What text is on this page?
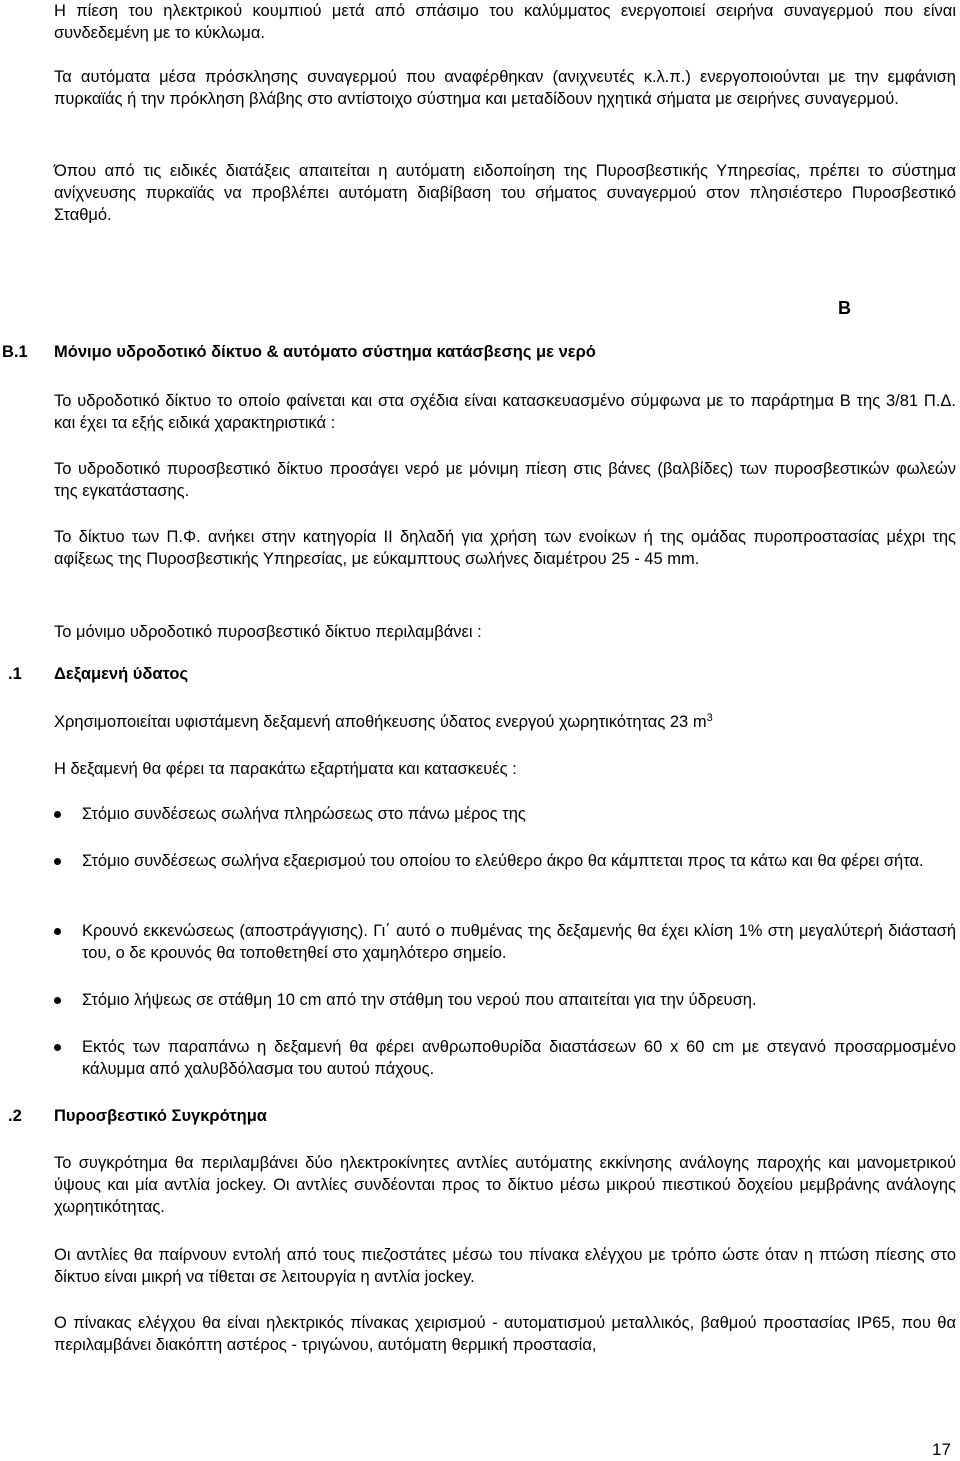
Η πίεση του ηλεκτρικού κουμπιού μετά από σπάσιμο του καλύμματος ενεργοποιεί σειρήνα συναγερμού που είναι συνδεδεμένη με το κύκλωμα.

Τα αυτόματα μέσα πρόσκλησης συναγερμού που αναφέρθηκαν (ανιχνευτές κ.λ.π.) ενεργοποιούνται με την εμφάνιση πυρκαϊάς ή την πρόκληση βλάβης στο αντίστοιχο σύστημα και μεταδίδουν ηχητικά σήματα με σειρήνες συναγερμού.

Όπου από τις ειδικές διατάξεις απαιτείται η αυτόματη ειδοποίηση της Πυροσβεστικής Υπηρεσίας, πρέπει το σύστημα ανίχνευσης πυρκαϊάς να προβλέπει αυτόματη διαβίβαση του σήματος συναγερμού στον πλησιέστερο Πυροσβεστικό Σταθμό.

Β
Β.1 Μόνιμο υδροδοτικό δίκτυο & αυτόματο σύστημα κατάσβεσης με νερό

Το υδροδοτικό δίκτυο το οποίο φαίνεται και στα σχέδια είναι κατασκευασμένο σύμφωνα με το παράρτημα Β της 3/81 Π.Δ. και έχει τα εξής ειδικά χαρακτηριστικά :

Το υδροδοτικό πυροσβεστικό δίκτυο προσάγει νερό με μόνιμη πίεση στις βάνες (βαλβίδες) των πυροσβεστικών φωλεών της εγκατάστασης.

Το δίκτυο των Π.Φ. ανήκει στην κατηγορία ΙΙ δηλαδή για χρήση των ενοίκων ή της ομάδας πυροπροστασίας μέχρι της αφίξεως της Πυροσβεστικής Υπηρεσίας, με εύκαμπτους σωλήνες διαμέτρου 25 - 45 mm.

Το μόνιμο υδροδοτικό πυροσβεστικό δίκτυο περιλαμβάνει :

.1 Δεξαμενή ύδατος

Χρησιμοποιείται υφιστάμενη δεξαμενή αποθήκευσης ύδατος ενεργού χωρητικότητας 23 $m^3$

Η δεξαμενή θα φέρει τα παρακάτω εξαρτήματα και κατασκευές :

Στόμιο συνδέσεως σωλήνα πληρώσεως στο πάνω μέρος της

Στόμιο συνδέσεως σωλήνα εξαερισμού του οποίου το ελεύθερο άκρο θα κάμπτεται προς τα κάτω και θα φέρει σήτα.

Κρουνό εκκενώσεως (αποστράγγισης). Γι΄ αυτό ο πυθμένας της δεξαμενής θα έχει κλίση 1% στη μεγαλύτερή διάστασή του, ο δε κρουνός θα τοποθετηθεί στο χαμηλότερο σημείο.

Στόμιο λήψεως σε στάθμη 10 cm από την στάθμη του νερού που απαιτείται για την ύδρευση.

Εκτός των παραπάνω η δεξαμενή θα φέρει ανθρωποθυρίδα διαστάσεων 60 x 60 cm με στεγανό προσαρμοσμένο κάλυμμα από χαλυβδόλασμα του αυτού πάχους.

.2 Πυροσβεστικό Συγκρότημα

Το συγκρότημα θα περιλαμβάνει δύο ηλεκτροκίνητες αντλίες αυτόματης εκκίνησης ανάλογης παροχής και μανομετρικού ύψους και μία αντλία jockey. Οι αντλίες συνδέονται προς το δίκτυο μέσω μικρού πιεστικού δοχείου μεμβράνης ανάλογης χωρητικότητας.

Οι αντλίες θα παίρνουν εντολή από τους πιεζοστάτες μέσω του πίνακα ελέγχου με τρόπο ώστε όταν η πτώση πίεσης στο δίκτυο είναι μικρή να τίθεται σε λειτουργία η αντλία jockey.

Ο πίνακας ελέγχου θα είναι ηλεκτρικός πίνακας χειρισμού - αυτοματισμού μεταλλικός, βαθμού προστασίας IP65, που θα περιλαμβάνει διακόπτη αστέρος - τριγώνου, αυτόματη θερμική προστασία,

17
